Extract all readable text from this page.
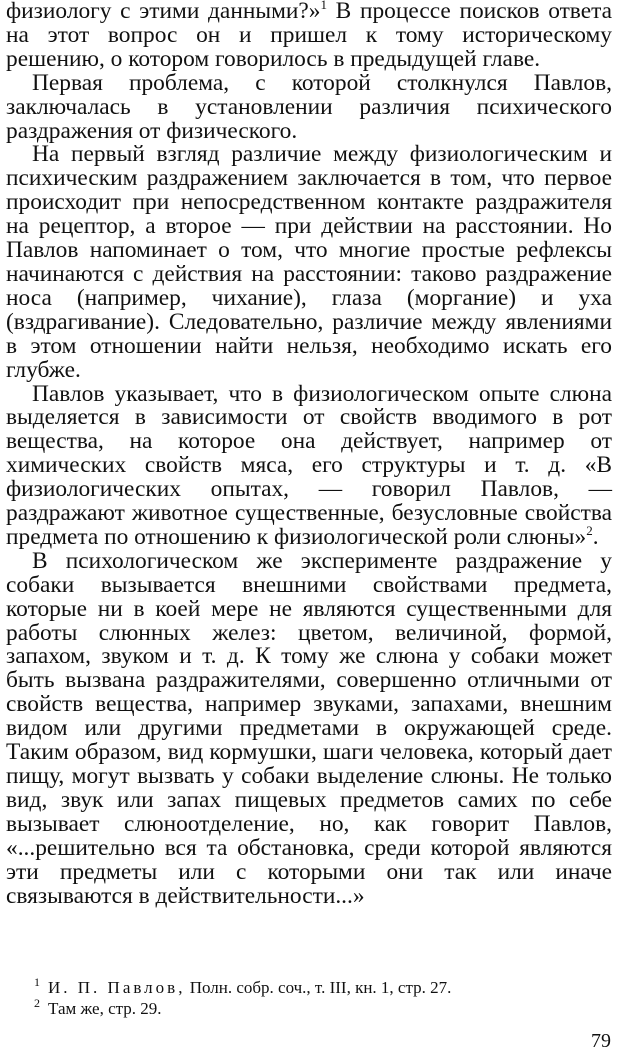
физиологу с этими данными?»$^1$ В процессе поисков ответа на этот вопрос он и пришел к тому историческому решению, о котором говорилось в предыдущей главе.

Первая проблема, с которой столкнулся Павлов, заключалась в установлении различия психического раздражения от физического.

На первый взгляд различие между физиологическим и психическим раздражением заключается в том, что первое происходит при непосредственном контакте раздражителя на рецептор, а второе — при действии на расстоянии. Но Павлов напоминает о том, что многие простые рефлексы начинаются с действия на расстоянии: таково раздражение носа (например, чихание), глаза (моргание) и уха (вздрагивание). Следовательно, различие между явлениями в этом отношении найти нельзя, необходимо искать его глубже.

Павлов указывает, что в физиологическом опыте слюна выделяется в зависимости от свойств вводимого в рот вещества, на которое она действует, например от химических свойств мяса, его структуры и т. д. «В физиологических опытах, — говорил Павлов, — раздражают животное существенные, безусловные свойства предмета по отношению к физиологической роли слюны»$^2$.

В психологическом же эксперименте раздражение у собаки вызывается внешними свойствами предмета, которые ни в коей мере не являются существенными для работы слюнных желез: цветом, величиной, формой, запахом, звуком и т. д. К тому же слюна у собаки может быть вызвана раздражителями, совершенно отличными от свойств вещества, например звуками, запахами, внешним видом или другими предметами в окружающей среде. Таким образом, вид кормушки, шаги человека, который дает пищу, могут вызвать у собаки выделение слюны. Не только вид, звук или запах пищевых предметов самих по себе вызывает слюноотделение, но, как говорит Павлов, «...решительно вся та обстановка, среди которой являются эти предметы или с которыми они так или иначе связываются в действительности...»

1 И. П. Павлов, Полн. собр. соч., т. III, кн. 1, стр. 27.

2 Там же, стр. 29.

79
